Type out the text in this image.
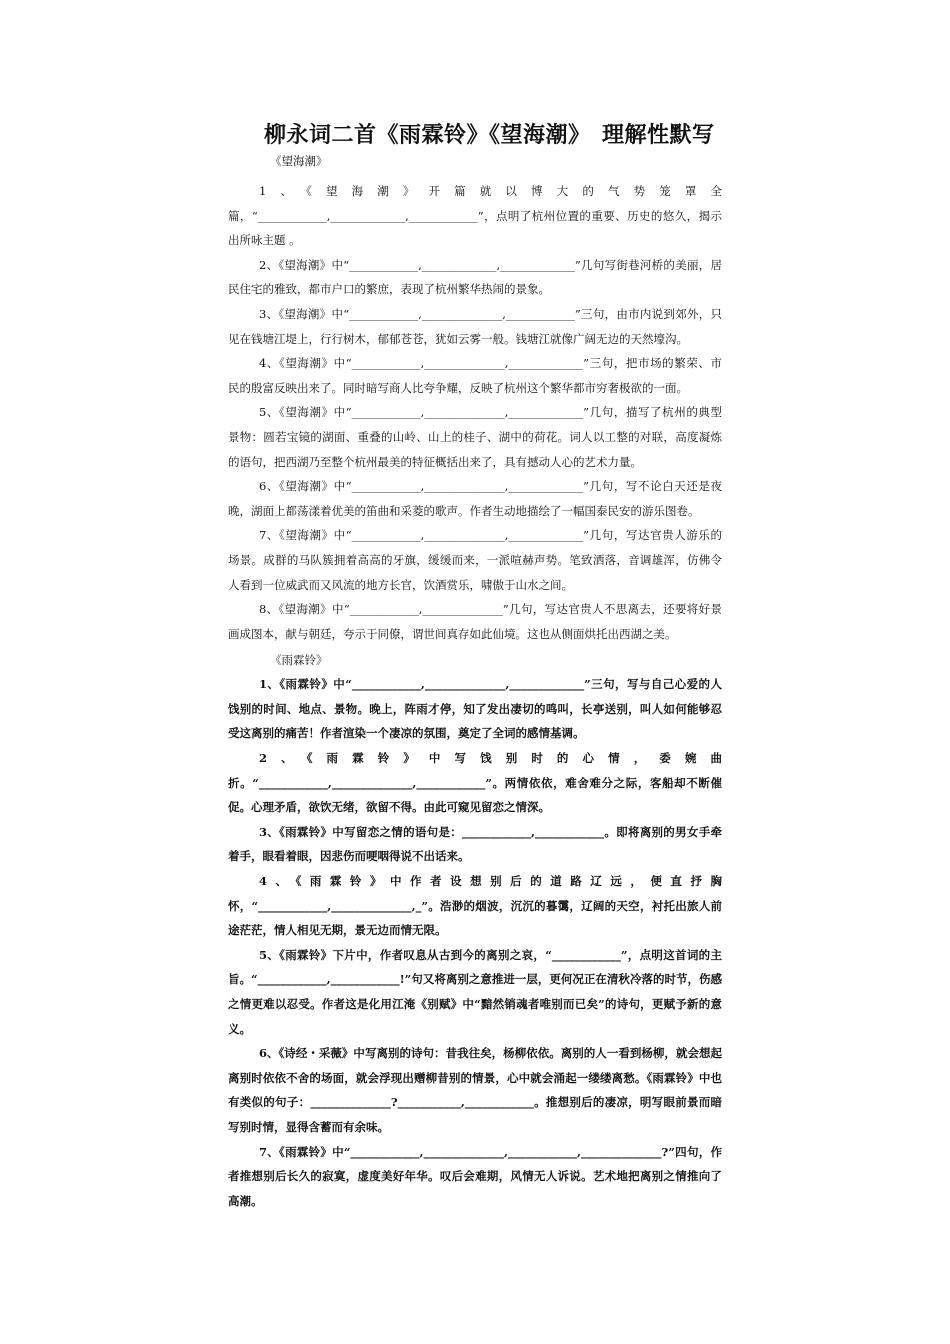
柳永词二首《雨霖铃》《望海潮》　理解性默写
《望海潮》

1、《望海潮》开篇就以博大的气势笼罩全篇，“____________,_____________,____________”，点明了杭州位置的重要、历史的悠久，揭示出所咏主题 。

2、《望海潮》中“____________,_____________,_____________”几句写街巷河桥的美丽，居民住宅的雅致，都市户口的繁庶，表现了杭州繁华热闹的景象。

3、《望海潮》中“____________,______________,____________”三句，由市内说到郊外，只见在钱塘江堤上，行行树木，郁郁苍苍，犹如云雾一般。钱塘江就像广阔无边的天然壕沟。

4、《望海潮》中“____________,______________,_____________”三句，把市场的繁荣、市民的殷富反映出来了。同时暗写商人比夸争耀，反映了杭州这个繁华都市穷奢极欲的一面。

5、《望海潮》中“____________,______________,_____________”几句，描写了杭州的典型景物：圆若宝镜的湖面、重叠的山岭、山上的桂子、湖中的荷花。词人以工整的对联，高度凝炼的语句，把西湖乃至整个杭州最美的特征概括出来了，具有撼动人心的艺术力量。

6、《望海潮》中“____________,______________,_____________”几句，写不论白天还是夜晚，湖面上都荡漾着优美的笛曲和采菱的歌声。作者生动地描绘了一幅国泰民安的游乐图卷。

7、《望海潮》中“____________,______________,_____________”几句，写达官贵人游乐的场景。成群的马队簇拥着高高的牙旗，缓缓而来，一派喧赫声势。笔致洒落，音调雄浑，仿佛令人看到一位威武而又风流的地方长官，饮酒赏乐，啸傲于山水之间。

8、《望海潮》中“____________,______________”几句，写达官贵人不思离去，还要将好景画成图本，献与朝廷，夸示于同僚，谓世间真存如此仙境。这也从侧面烘托出西湖之美。

《雨霖铃》

1、《雨霖铃》中“____________,______________,_____________”三句，写与自己心爱的人饯别的时间、地点、景物。晚上，阵雨才停，知了发出凄切的鸣叫，长亭送别，叫人如何能够忍受这离别的痛苦！作者渲染一个凄凉的氛围，奠定了全词的感情基调。

2、《雨霖铃》中写饯别时的心情，委婉曲折。“____________,______________,____________”。两情依依，难舍难分之际，客船却不断催促。心理矛盾，欲饮无绪，欲留不得。由此可窥见留恋之情深。

3、《雨霖铃》中写留恋之情的语句是：____________,____________。即将离别的男女手牵着手，眼看着眼，因悲伤而哽咽得说不出话来。

4、《雨霖铃》中作者设想别后的道路辽远，便直抒胸怀，“____________,______________,_”。浩渺的烟波，沉沉的暮霭，辽阔的天空，衬托出旅人前途茫茫，情人相见无期，景无边而情无限。

5、《雨霖铃》下片中，作者叹息从古到今的离别之哀，“____________”，点明这首词的主旨。“____________,____________!”句又将离别之意推进一层，更何况正在清秋冷落的时节，伤感之情更难以忍受。作者这是化用江淹《别赋》中“黯然销魂者唯别而已矣”的诗句，更赋予新的意义。

6、《诗经・采薇》中写离别的诗句：昔我往矣，杨柳依依。离别的人一看到杨柳，就会想起离别时依依不舍的场面，就会浮现出赠柳昔别的情景，心中就会涌起一缕缕离愁。《雨霖铃》中也有类似的句子：______________?___________,____________。推想别后的凄凉，明写眼前景而暗写别时情，显得含蓄而有余味。

7、《雨霖铃》中“____________,______________,____________,______________?”四句，作者推想别后长久的寂寞，虚度美好年华。叹后会难期，风情无人诉说。艺术地把离别之情推向了高潮。
